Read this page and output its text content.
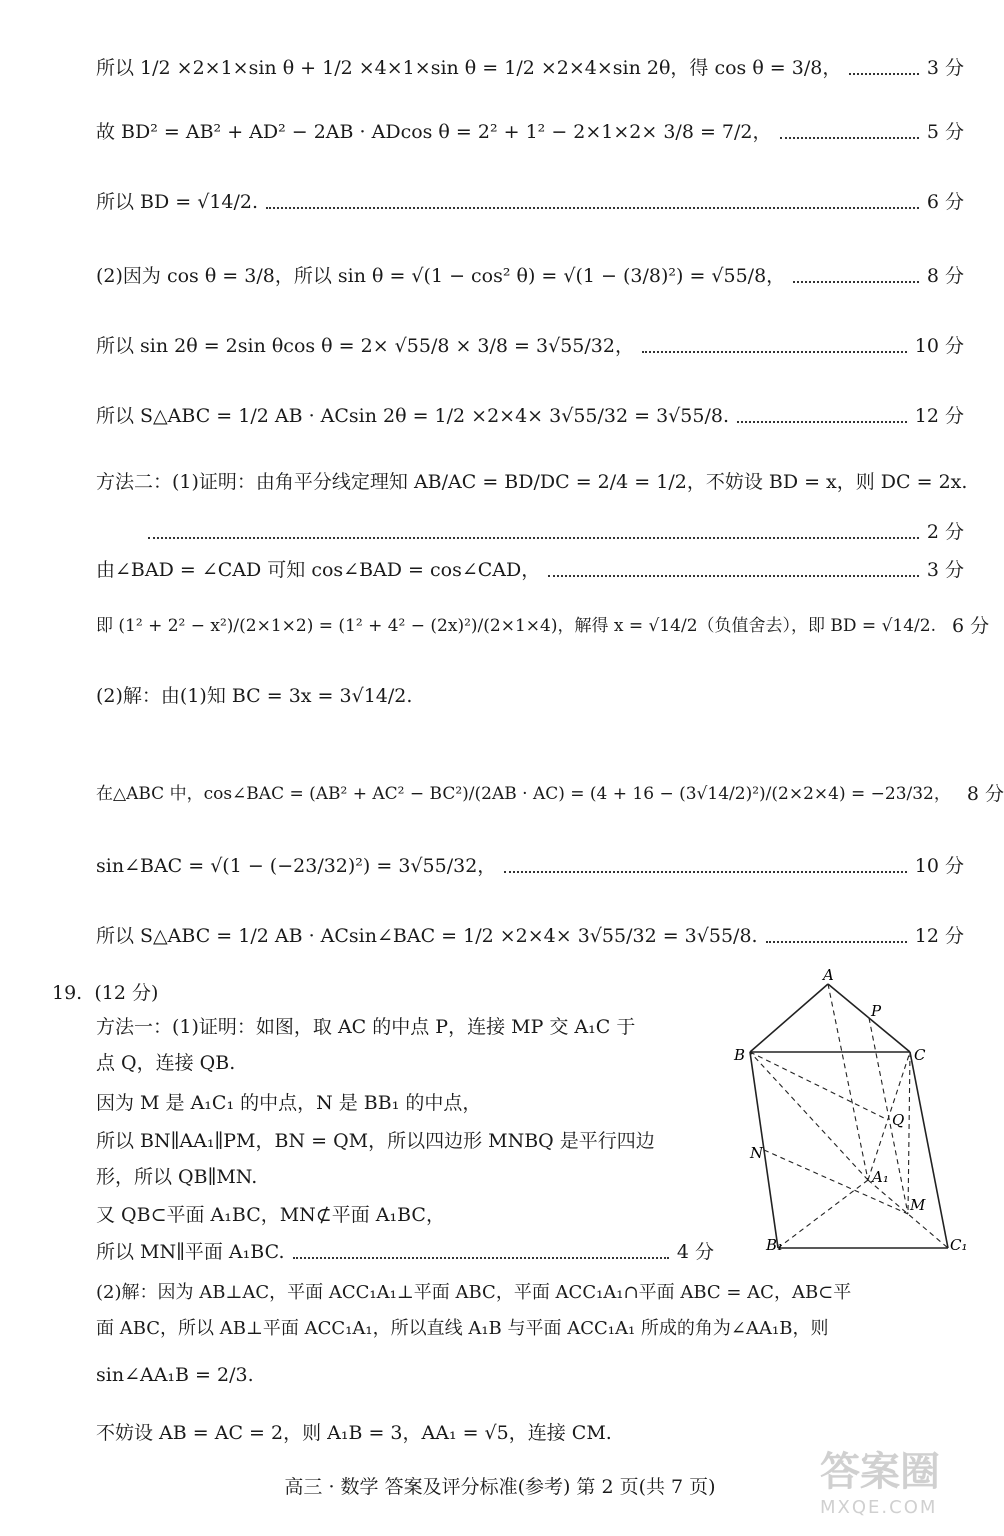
所以 1/2 ×2×1×sin θ + 1/2 ×4×1×sin θ = 1/2 ×2×4×sin 2θ，得 cos θ = 3/8，	3 分
故 BD² = AB² + AD² − 2AB · ADcos θ = 2² + 1² − 2×1×2× 3/8 = 7/2，	5 分
所以 BD = √14/2.	6 分
(2)因为 cos θ = 3/8，所以 sin θ = √(1 − cos² θ) = √(1 − (3/8)²) = √55/8，	8 分
所以 sin 2θ = 2sin θcos θ = 2× √55/8 × 3/8 = 3√55/32，	10 分
所以 S△ABC = 1/2 AB · ACsin 2θ = 1/2 ×2×4× 3√55/32 = 3√55/8.	12 分
方法二：(1)证明：由角平分线定理知 AB/AC = BD/DC = 2/4 = 1/2，不妨设 BD = x，则 DC = 2x.
2 分
由∠BAD = ∠CAD 可知 cos∠BAD = cos∠CAD，	3 分
即 (1² + 2² − x²)/(2×1×2) = (1² + 4² − (2x)²)/(2×1×4)，解得 x = √14/2（负值舍去），即 BD = √14/2. 6 分
(2)解：由(1)知 BC = 3x = 3√14/2.
在△ABC 中，cos∠BAC = (AB² + AC² − BC²)/(2AB · AC) = (4 + 16 − (3√14/2)²)/(2×2×4) = −23/32， 8 分
sin∠BAC = √(1 − (−23/32)²) = 3√55/32，	10 分
所以 S△ABC = 1/2 AB · ACsin∠BAC = 1/2 ×2×4× 3√55/32 = 3√55/8.	12 分
19. (12 分)
方法一：(1)证明：如图，取 AC 的中点 P，连接 MP 交 A₁C 于
点 Q，连接 QB.
因为 M 是 A₁C₁ 的中点，N 是 BB₁ 的中点，
所以 BN∥AA₁∥PM，BN = QM，所以四边形 MNBQ 是平行四边
形，所以 QB∥MN.
又 QB⊂平面 A₁BC，MN⊄平面 A₁BC，
所以 MN∥平面 A₁BC.	4 分
(2)解：因为 AB⊥AC，平面 ACC₁A₁⊥平面 ABC，平面 ACC₁A₁∩平面 ABC = AC，AB⊂平
面 ABC，所以 AB⊥平面 ACC₁A₁，所以直线 A₁B 与平面 ACC₁A₁ 所成的角为∠AA₁B，则
sin∠AA₁B = 2/3.
不妨设 AB = AC = 2，则 A₁B = 3，AA₁ = √5，连接 CM.
A
P
B	C
Q
N
A₁
M
B₁	C₁
高三 · 数学 答案及评分标准(参考) 第 2 页(共 7 页)	答案圈
MXQE.COM
